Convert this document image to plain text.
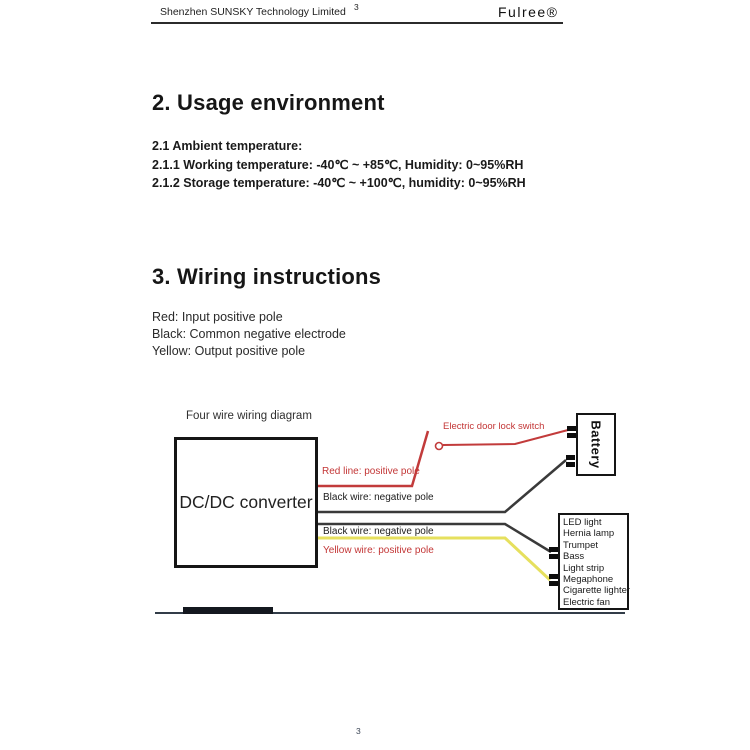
Shenzhen SUNSKY Technology Limited 3	Fulree®
2. Usage environment
2.1 Ambient temperature:
2.1.1 Working temperature: -40℃ ~ +85℃, Humidity: 0~95%RH
2.1.2 Storage temperature: -40℃ ~ +100℃, humidity: 0~95%RH
3. Wiring instructions
Red: Input positive pole
Black: Common negative electrode
Yellow: Output positive pole
Four wire wiring diagram
DC/DC converter
Red line: positive pole
Black wire: negative pole
Black wire: negative pole
Yellow wire: positive pole
Electric door lock switch	Battery
LED light
Hernia lamp
Trumpet
Bass
Light strip
Megaphone
Cigarette lighter
Electric fan
3
